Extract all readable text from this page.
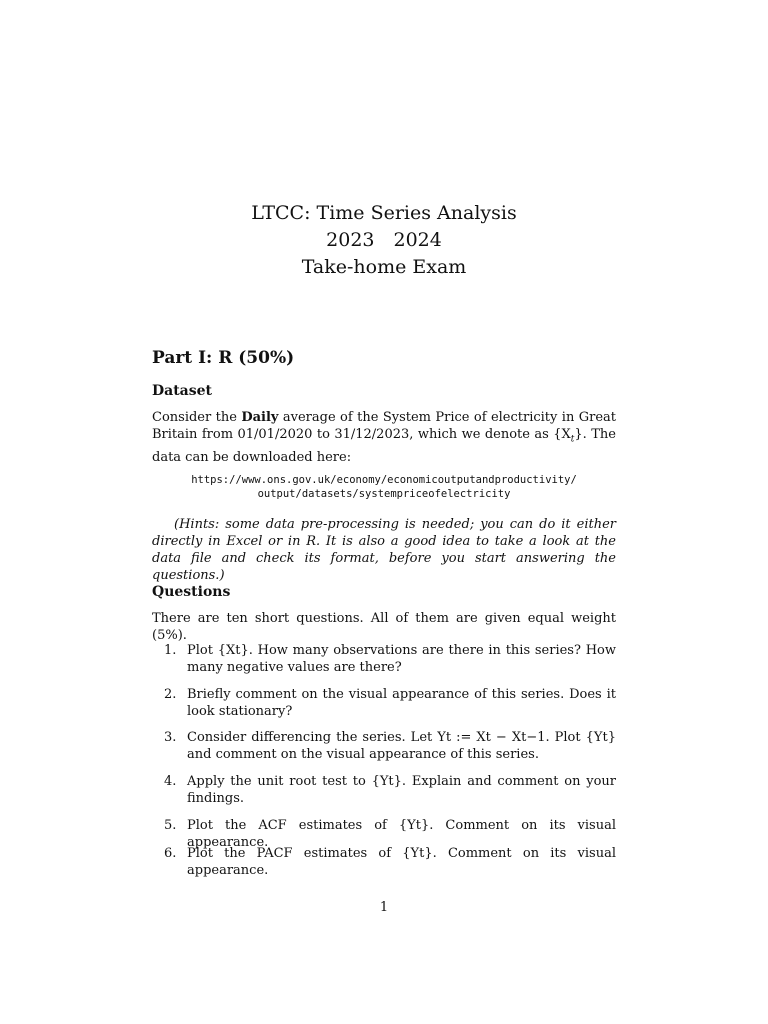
LTCC: Time Series Analysis
2023 2024
Take-home Exam
Part I: R (50%)
Dataset
Consider the Daily average of the System Price of electricity in Great Britain from 01/01/2020 to 31/12/2023, which we denote as $\{X_t\}$. The data can be downloaded here:
https://www.ons.gov.uk/economy/economicoutputandproductivity/
output/datasets/systempriceofelectricity
(Hints: some data pre-processing is needed; you can do it either directly in Excel or in R. It is also a good idea to take a look at the data file and check its format, before you start answering the questions.)
Questions
There are ten short questions. All of them are given equal weight (5%).
1. Plot {Xt}. How many observations are there in this series? How many negative values are there?
2. Briefly comment on the visual appearance of this series. Does it look stationary?
3. Consider differencing the series. Let Yt := Xt − Xt−1. Plot {Yt} and comment on the visual appearance of this series.
4. Apply the unit root test to {Yt}. Explain and comment on your findings.
5. Plot the ACF estimates of {Yt}. Comment on its visual appearance.
6. Plot the PACF estimates of {Yt}. Comment on its visual appearance.
1
